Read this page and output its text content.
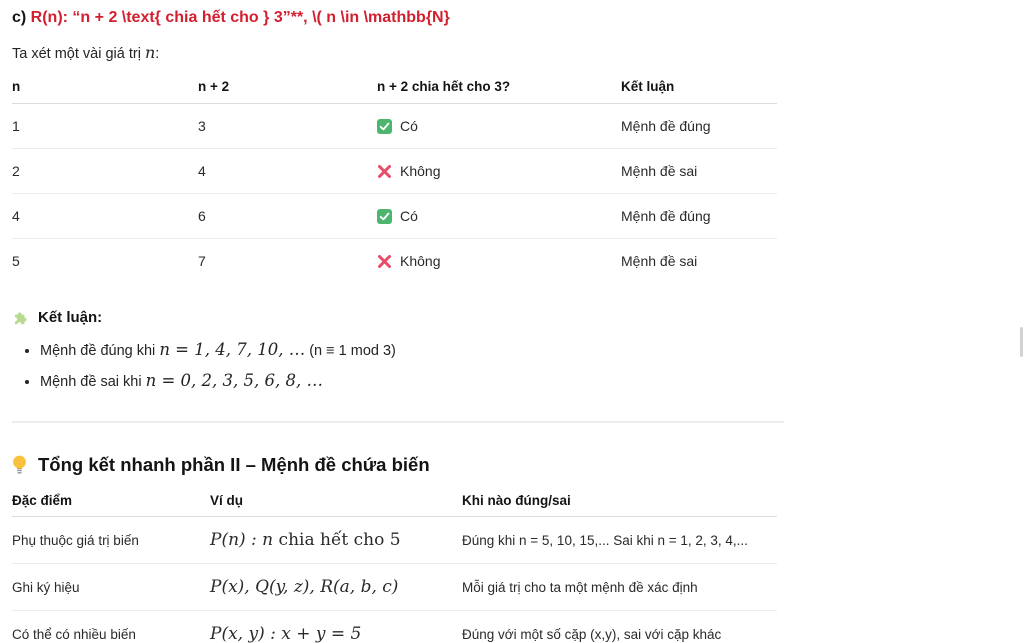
c) R(n): “n + 2 \text{ chia hết cho } 3”**, \( n \in \mathbb{N}

Ta xét một vài giá trị n:

n	n + 2	n + 2 chia hết cho 3?	Kết luận
1	3	Có	Mệnh đề đúng
2	4	Không	Mệnh đề sai
4	6	Có	Mệnh đề đúng
5	7	Không	Mệnh đề sai
Kết luận:
• Mệnh đề đúng khi n = 1, 4, 7, 10, … (n ≡ 1 mod 3)
• Mệnh đề sai khi n = 0, 2, 3, 5, 6, 8, …
Tổng kết nhanh phần II – Mệnh đề chứa biến
Đặc điểm	Ví dụ	Khi nào đúng/sai
Phụ thuộc giá trị biến	P(n) : n chia hết cho 5	Đúng khi n = 5, 10, 15,... Sai khi n = 1, 2, 3, 4,...
Ghi ký hiệu	P(x), Q(y, z), R(a, b, c)	Mỗi giá trị cho ta một mệnh đề xác định
Có thể có nhiều biến	P(x, y) : x + y = 5	Đúng với một số cặp (x,y), sai với cặp khác
